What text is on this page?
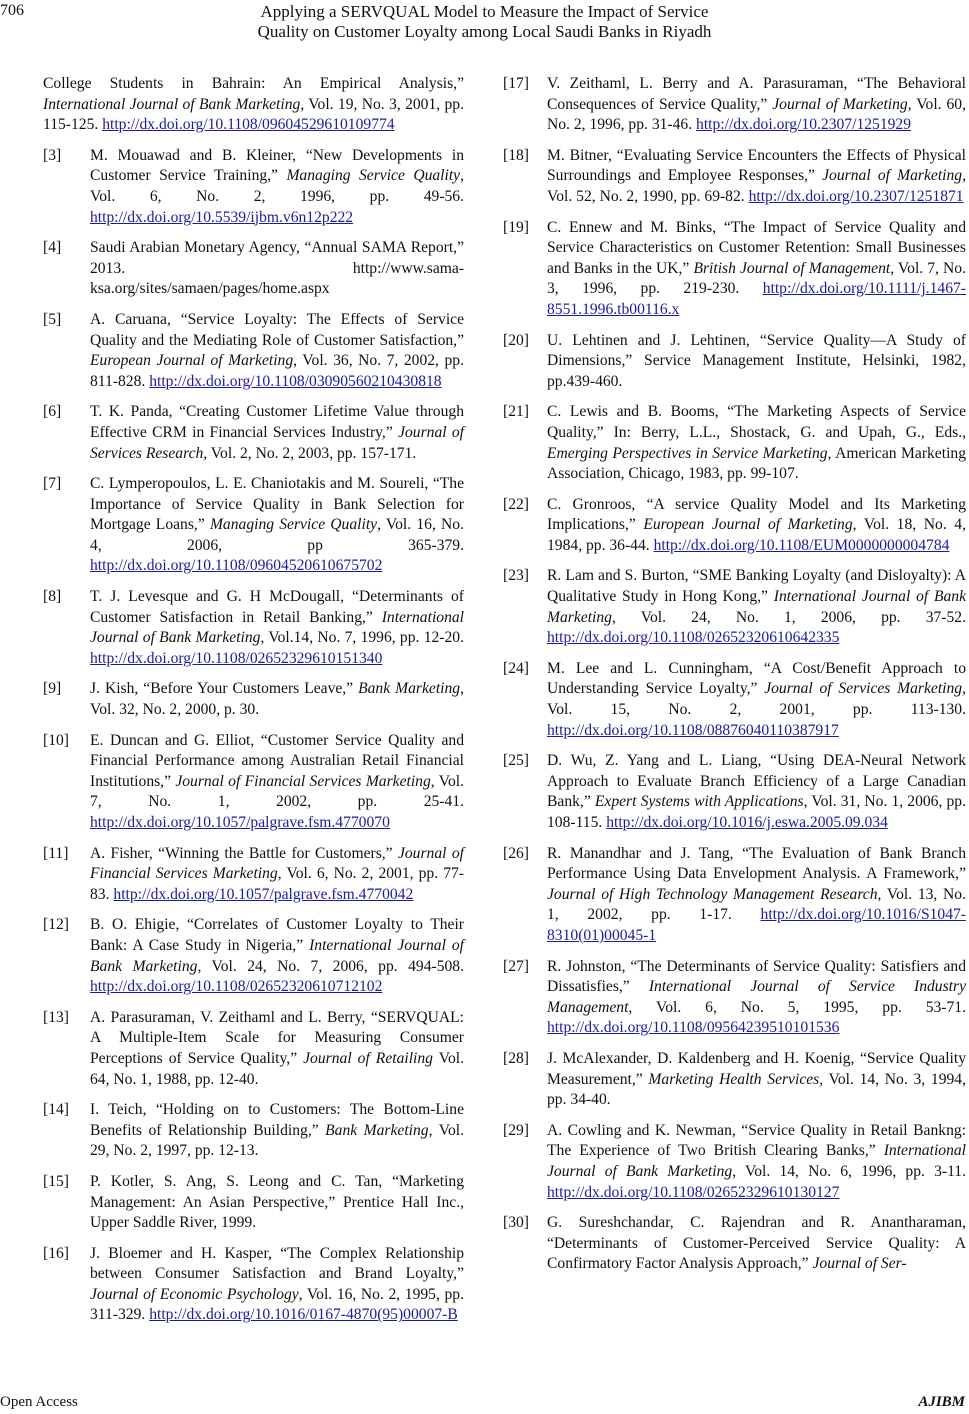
706	Applying a SERVQUAL Model to Measure the Impact of Service
Quality on Customer Loyalty among Local Saudi Banks in Riyadh
College Students in Bahrain: An Empirical Analysis,” International Journal of Bank Marketing, Vol. 19, No. 3, 2001, pp. 115-125. http://dx.doi.org/10.1108/09604529610109774
[3]	M. Mouawad and B. Kleiner, “New Developments in Customer Service Training,” Managing Service Quality, Vol. 6, No. 2, 1996, pp. 49-56. http://dx.doi.org/10.5539/ijbm.v6n12p222
[4]	Saudi Arabian Monetary Agency, “Annual SAMA Report,” 2013. http://www.sama-ksa.org/sites/samaen/pages/home.aspx
[5]	A. Caruana, “Service Loyalty: The Effects of Service Quality and the Mediating Role of Customer Satisfaction,” European Journal of Marketing, Vol. 36, No. 7, 2002, pp. 811-828. http://dx.doi.org/10.1108/03090560210430818
[6]	T. K. Panda, “Creating Customer Lifetime Value through Effective CRM in Financial Services Industry,” Journal of Services Research, Vol. 2, No. 2, 2003, pp. 157-171.
[7]	C. Lymperopoulos, L. E. Chaniotakis and M. Soureli, “The Importance of Service Quality in Bank Selection for Mortgage Loans,” Managing Service Quality, Vol. 16, No. 4, 2006, pp 365-379. http://dx.doi.org/10.1108/09604520610675702
[8]	T. J. Levesque and G. H McDougall, “Determinants of Customer Satisfaction in Retail Banking,” International Journal of Bank Marketing, Vol.14, No. 7, 1996, pp. 12-20. http://dx.doi.org/10.1108/02652329610151340
[9]	J. Kish, “Before Your Customers Leave,” Bank Marketing, Vol. 32, No. 2, 2000, p. 30.
[10]	E. Duncan and G. Elliot, “Customer Service Quality and Financial Performance among Australian Retail Financial Institutions,” Journal of Financial Services Marketing, Vol. 7, No. 1, 2002, pp. 25-41. http://dx.doi.org/10.1057/palgrave.fsm.4770070
[11]	A. Fisher, “Winning the Battle for Customers,” Journal of Financial Services Marketing, Vol. 6, No. 2, 2001, pp. 77-83. http://dx.doi.org/10.1057/palgrave.fsm.4770042
[12]	B. O. Ehigie, “Correlates of Customer Loyalty to Their Bank: A Case Study in Nigeria,” International Journal of Bank Marketing, Vol. 24, No. 7, 2006, pp. 494-508. http://dx.doi.org/10.1108/02652320610712102
[13]	A. Parasuraman, V. Zeithaml and L. Berry, “SERVQUAL: A Multiple-Item Scale for Measuring Consumer Perceptions of Service Quality,” Journal of Retailing Vol. 64, No. 1, 1988, pp. 12-40.
[14]	I. Teich, “Holding on to Customers: The Bottom-Line Benefits of Relationship Building,” Bank Marketing, Vol. 29, No. 2, 1997, pp. 12-13.
[15]	P. Kotler, S. Ang, S. Leong and C. Tan, “Marketing Management: An Asian Perspective,” Prentice Hall Inc., Upper Saddle River, 1999.
[16]	J. Bloemer and H. Kasper, “The Complex Relationship between Consumer Satisfaction and Brand Loyalty,” Journal of Economic Psychology, Vol. 16, No. 2, 1995, pp. 311-329. http://dx.doi.org/10.1016/0167-4870(95)00007-B
[17]	V. Zeithaml, L. Berry and A. Parasuraman, “The Behavioral Consequences of Service Quality,” Journal of Marketing, Vol. 60, No. 2, 1996, pp. 31-46. http://dx.doi.org/10.2307/1251929
[18]	M. Bitner, “Evaluating Service Encounters the Effects of Physical Surroundings and Employee Responses,” Journal of Marketing, Vol. 52, No. 2, 1990, pp. 69-82. http://dx.doi.org/10.2307/1251871
[19]	C. Ennew and M. Binks, “The Impact of Service Quality and Service Characteristics on Customer Retention: Small Businesses and Banks in the UK,” British Journal of Management, Vol. 7, No. 3, 1996, pp. 219-230. http://dx.doi.org/10.1111/j.1467-8551.1996.tb00116.x
[20]	U. Lehtinen and J. Lehtinen, “Service Quality—A Study of Dimensions,” Service Management Institute, Helsinki, 1982, pp.439-460.
[21]	C. Lewis and B. Booms, “The Marketing Aspects of Service Quality,” In: Berry, L.L., Shostack, G. and Upah, G., Eds., Emerging Perspectives in Service Marketing, American Marketing Association, Chicago, 1983, pp. 99-107.
[22]	C. Gronroos, “A service Quality Model and Its Marketing Implications,” European Journal of Marketing, Vol. 18, No. 4, 1984, pp. 36-44. http://dx.doi.org/10.1108/EUM0000000004784
[23]	R. Lam and S. Burton, “SME Banking Loyalty (and Disloyalty): A Qualitative Study in Hong Kong,” International Journal of Bank Marketing, Vol. 24, No. 1, 2006, pp. 37-52. http://dx.doi.org/10.1108/02652320610642335
[24]	M. Lee and L. Cunningham, “A Cost/Benefit Approach to Understanding Service Loyalty,” Journal of Services Marketing, Vol. 15, No. 2, 2001, pp. 113-130. http://dx.doi.org/10.1108/08876040110387917
[25]	D. Wu, Z. Yang and L. Liang, “Using DEA-Neural Network Approach to Evaluate Branch Efficiency of a Large Canadian Bank,” Expert Systems with Applications, Vol. 31, No. 1, 2006, pp. 108-115. http://dx.doi.org/10.1016/j.eswa.2005.09.034
[26]	R. Manandhar and J. Tang, “The Evaluation of Bank Branch Performance Using Data Envelopment Analysis. A Framework,” Journal of High Technology Management Research, Vol. 13, No. 1, 2002, pp. 1-17. http://dx.doi.org/10.1016/S1047-8310(01)00045-1
[27]	R. Johnston, “The Determinants of Service Quality: Satisfiers and Dissatisfies,” International Journal of Service Industry Management, Vol. 6, No. 5, 1995, pp. 53-71. http://dx.doi.org/10.1108/09564239510101536
[28]	J. McAlexander, D. Kaldenberg and H. Koenig, “Service Quality Measurement,” Marketing Health Services, Vol. 14, No. 3, 1994, pp. 34-40.
[29]	A. Cowling and K. Newman, “Service Quality in Retail Bankng: The Experience of Two British Clearing Banks,” International Journal of Bank Marketing, Vol. 14, No. 6, 1996, pp. 3-11. http://dx.doi.org/10.1108/02652329610130127
[30]	G. Sureshchandar, C. Rajendran and R. Anantharaman, “Determinants of Customer-Perceived Service Quality: A Confirmatory Factor Analysis Approach,” Journal of Ser-
Open Access	AJIBM
